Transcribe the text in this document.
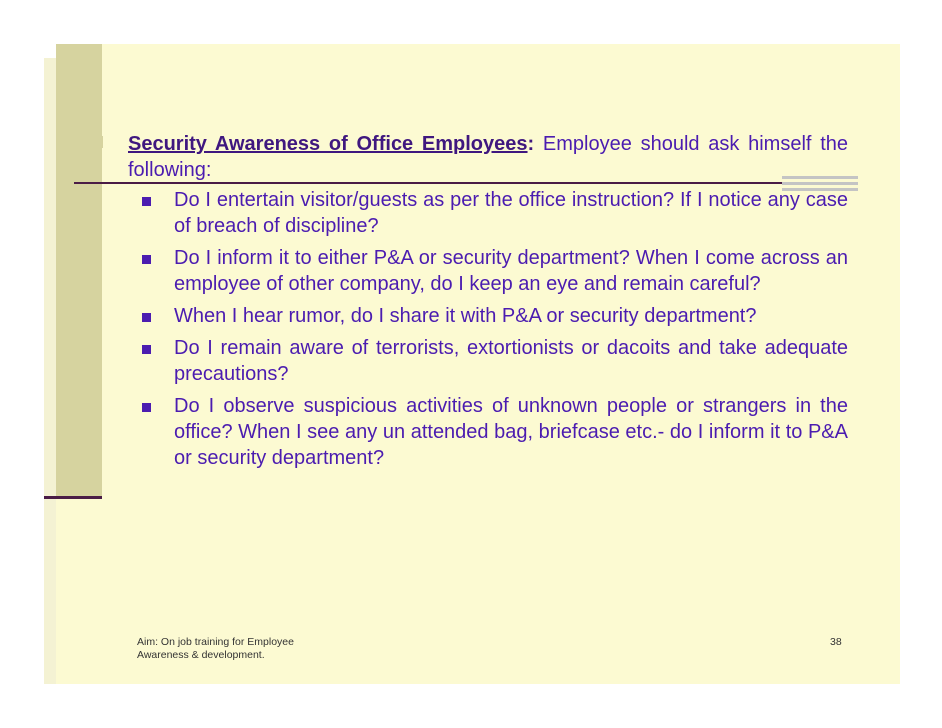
Security Awareness of Office Employees: Employee should ask himself the following:

Do I entertain visitor/guests as per the office instruction? If I notice any case of breach of discipline?
Do I inform it to either P&A or security department? When I come across an employee of other company, do I keep an eye and remain careful?
When I hear rumor, do I share it with P&A or security department?
Do I remain aware of terrorists, extortionists or dacoits and take adequate precautions?
Do I observe suspicious activities of unknown people or strangers in the office? When I see any un attended bag, briefcase etc.- do I inform it to P&A or security department?
Aim: On job training for Employee Awareness & development.
38
